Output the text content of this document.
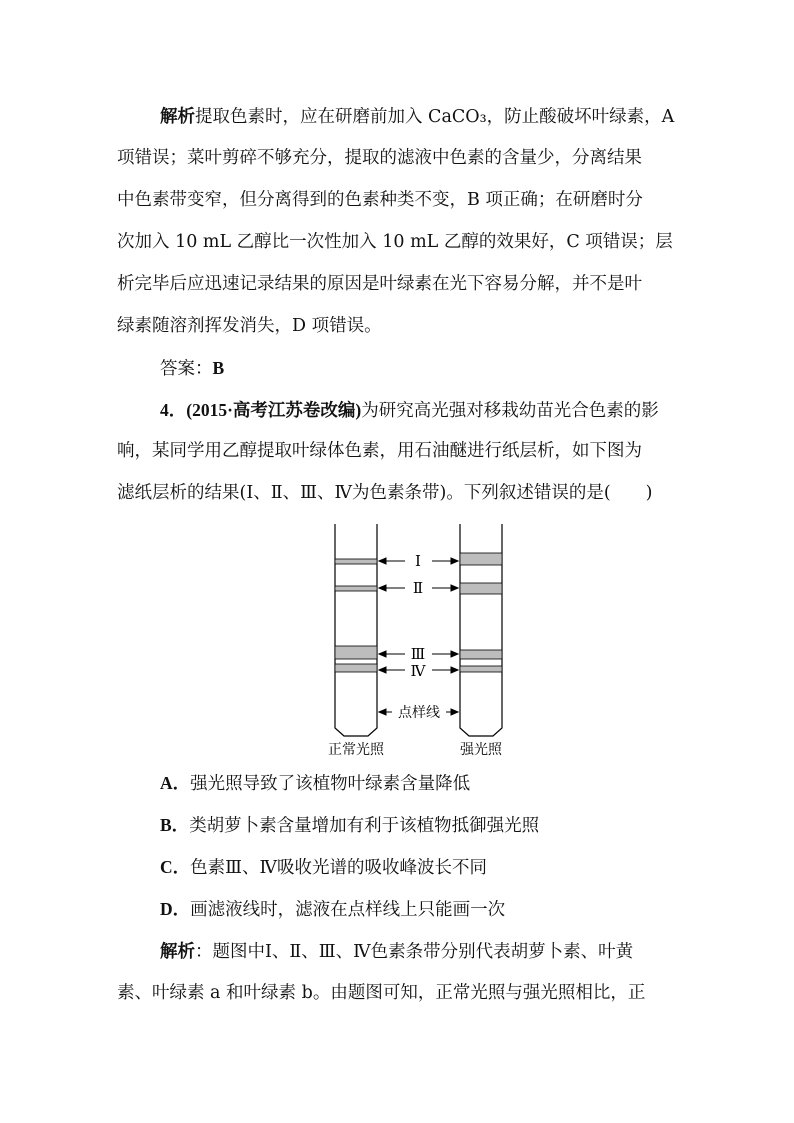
解析提取色素时，应在研磨前加入 CaCO₃，防止酸破坏叶绿素，A
项错误；菜叶剪碎不够充分，提取的滤液中色素的含量少，分离结果
中色素带变窄，但分离得到的色素种类不变，B 项正确；在研磨时分
次加入 10 mL 乙醇比一次性加入 10 mL 乙醇的效果好，C 项错误；层
析完毕后应迅速记录结果的原因是叶绿素在光下容易分解，并不是叶
绿素随溶剂挥发消失，D 项错误。
答案：B
4．(2015·高考江苏卷改编)为研究高光强对移栽幼苗光合色素的影
响，某同学用乙醇提取叶绿体色素，用石油醚进行纸层析，如下图为
滤纸层析的结果(Ⅰ、Ⅱ、Ⅲ、Ⅳ为色素条带)。下列叙述错误的是(　　)
Ⅰ
Ⅱ
Ⅲ
Ⅳ
点样线
正常光照	强光照
A．强光照导致了该植物叶绿素含量降低
B．类胡萝卜素含量增加有利于该植物抵御强光照
C．色素Ⅲ、Ⅳ吸收光谱的吸收峰波长不同
D．画滤液线时，滤液在点样线上只能画一次
解析：题图中Ⅰ、Ⅱ、Ⅲ、Ⅳ色素条带分别代表胡萝卜素、叶黄
素、叶绿素 a 和叶绿素 b。由题图可知，正常光照与强光照相比，正
